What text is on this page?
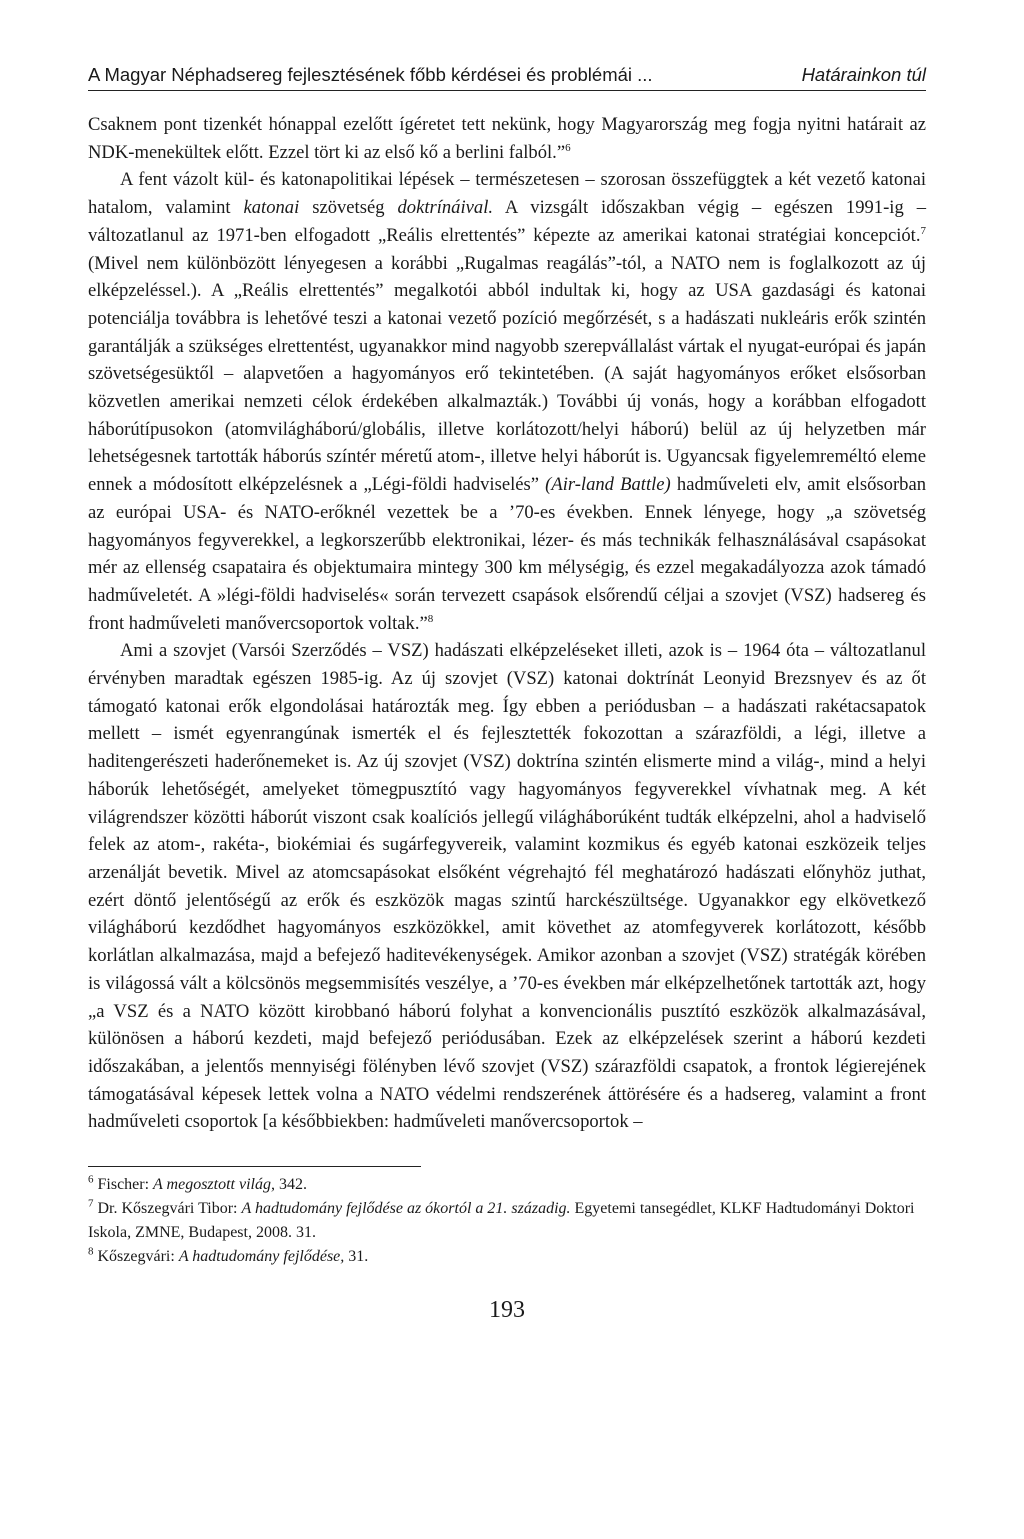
A Magyar Néphadsereg fejlesztésének főbb kérdései és problémái ...	Határainkon túl

Csaknem pont tizenkét hónappal ezelőtt ígéretet tett nekünk, hogy Magyarország meg fogja nyitni határait az NDK-menekültek előtt. Ezzel tört ki az első kő a berlini falból.”$^6$

A fent vázolt kül- és katonapolitikai lépések – természetesen – szorosan összefüggtek a két vezető katonai hatalom, valamint katonai szövetség doktrínáival. A vizsgált időszakban végig – egészen 1991-ig – változatlanul az 1971-ben elfogadott „Reális elrettentés” képezte az amerikai katonai stratégiai koncepciót.$^7$ (Mivel nem különbözött lényegesen a korábbi „Rugalmas reagálás”-tól, a NATO nem is foglalkozott az új elképzeléssel.). A „Reális elrettentés” megalkotói abból indultak ki, hogy az USA gazdasági és katonai potenciálja továbbra is lehetővé teszi a katonai vezető pozíció megőrzését, s a hadászati nukleáris erők szintén garantálják a szükséges elrettentést, ugyanakkor mind nagyobb szerepvállalást vártak el nyugat-európai és japán szövetségesüktől – alapvetően a hagyományos erő tekintetében. (A saját hagyományos erőket elsősorban közvetlen amerikai nemzeti célok érdekében alkalmazták.) További új vonás, hogy a korábban elfogadott háborútípusokon (atomvilágháború/globális, illetve korlátozott/helyi háború) belül az új helyzetben már lehetségesnek tartották háborús színtér méretű atom-, illetve helyi háborút is. Ugyancsak figyelemreméltó eleme ennek a módosított elképzelésnek a „Légi-földi hadviselés” (Air-land Battle) hadműveleti elv, amit elsősorban az európai USA- és NATO-erőknél vezettek be a ’70-es években. Ennek lényege, hogy „a szövetség hagyományos fegyverekkel, a legkorszerűbb elektronikai, lézer- és más technikák felhasználásával csapásokat mér az ellenség csapataira és objektumaira mintegy 300 km mélységig, és ezzel megakadályozza azok támadó hadműveletét. A »légi-földi hadviselés« során tervezett csapások elsőrendű céljai a szovjet (VSZ) hadsereg és front hadműveleti manővercsoportok voltak.”$^8$

Ami a szovjet (Varsói Szerződés – VSZ) hadászati elképzeléseket illeti, azok is – 1964 óta – változatlanul érvényben maradtak egészen 1985-ig. Az új szovjet (VSZ) katonai doktrínát Leonyid Brezsnyev és az őt támogató katonai erők elgondolásai határozták meg. Így ebben a periódusban – a hadászati rakétacsapatok mellett – ismét egyenrangúnak ismerték el és fejlesztették fokozottan a szárazföldi, a légi, illetve a haditengerészeti haderőnemeket is. Az új szovjet (VSZ) doktrína szintén elismerte mind a világ-, mind a helyi háborúk lehetőségét, amelyeket tömegpusztító vagy hagyományos fegyverekkel vívhatnak meg. A két világrendszer közötti háborút viszont csak koalíciós jellegű világháborúként tudták elképzelni, ahol a hadviselő felek az atom-, rakéta-, biokémiai és sugárfegyvereik, valamint kozmikus és egyéb katonai eszközeik teljes arzenálját bevetik. Mivel az atomcsapásokat elsőként végrehajtó fél meghatározó hadászati előnyhöz juthat, ezért döntő jelentőségű az erők és eszközök magas szintű harckészültsége. Ugyanakkor egy elkövetkező világháború kezdődhet hagyományos eszközökkel, amit követhet az atomfegyverek korlátozott, később korlátlan alkalmazása, majd a befejező haditevékenységek. Amikor azonban a szovjet (VSZ) stratégák körében is világossá vált a kölcsönös megsemmisítés veszélye, a ’70-es években már elképzelhetőnek tartották azt, hogy „a VSZ és a NATO között kirobbanó háború folyhat a konvencionális pusztító eszközök alkalmazásával, különösen a háború kezdeti, majd befejező periódusában. Ezek az elképzelések szerint a háború kezdeti időszakában, a jelentős mennyiségi fölényben lévő szovjet (VSZ) szárazföldi csapatok, a frontok légierejének támogatásával képesek lettek volna a NATO védelmi rendszerének áttörésére és a hadsereg, valamint a front hadműveleti csoportok [a későbbiekben: hadműveleti manővercsoportok –

$^6$ Fischer: A megosztott világ, 342.

$^7$ Dr. Kőszegvári Tibor: A hadtudomány fejlődése az ókortól a 21. századig. Egyetemi tansegédlet, KLKF Hadtudományi Doktori Iskola, ZMNE, Budapest, 2008. 31.

$^8$ Kőszegvári: A hadtudomány fejlődése, 31.

193
